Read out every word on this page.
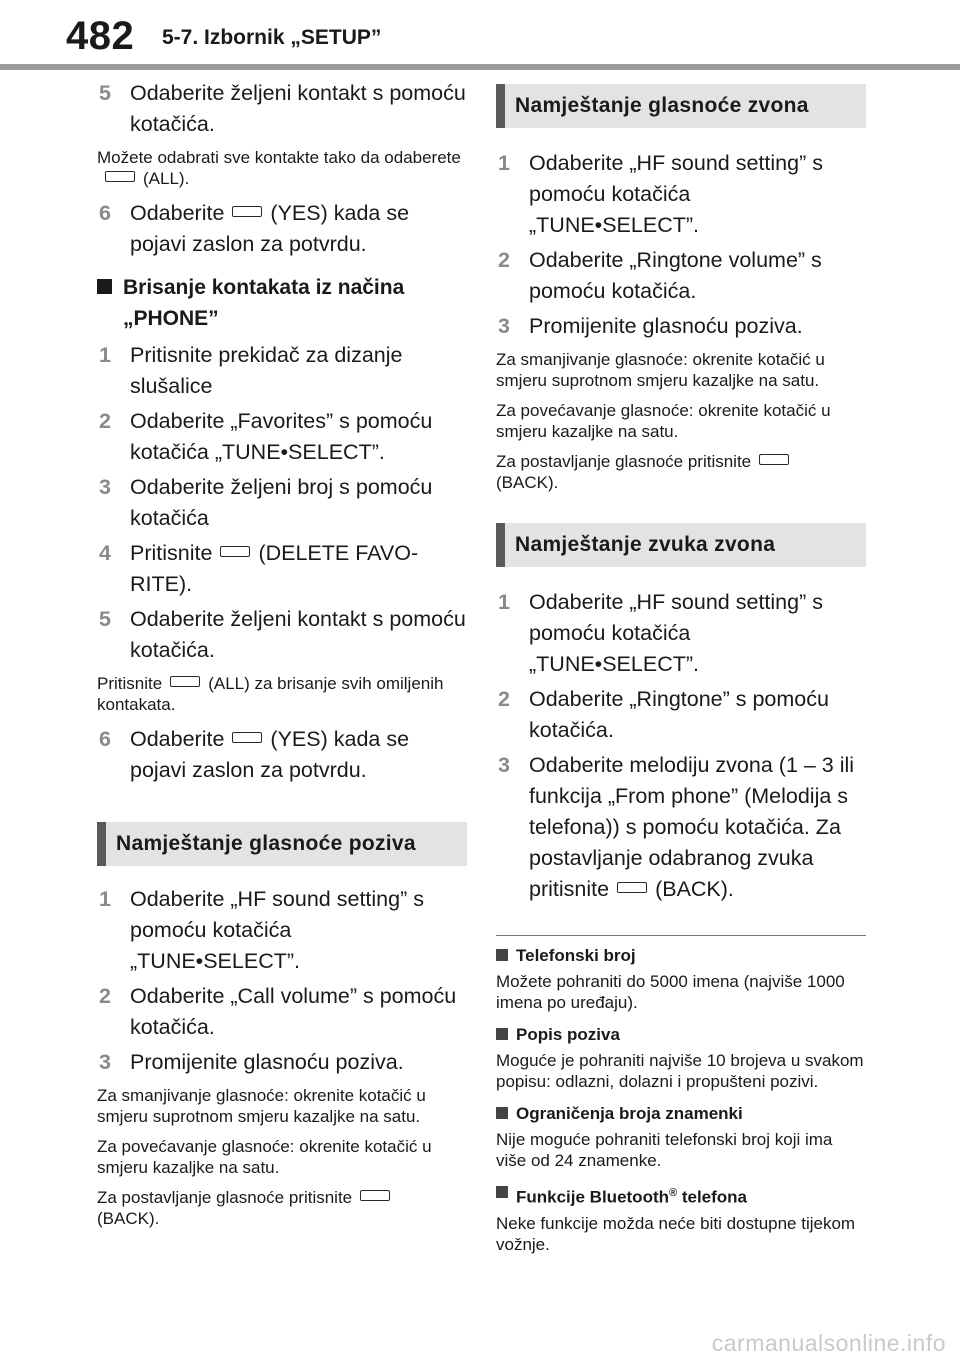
482 5-7. Izbornik „SETUP”
5 Odaberite željeni kontakt s pomoću kotačića.
Možete odabrati sve kontakte tako da odaberete(ALL).
6 Odaberite (YES) kada se pojavi zaslon za potvrdu.
Brisanje kontakata iz načina „PHONE”
1 Pritisnite prekidač za dizanje slušalice
2 Odaberite „Favorites” s pomoću kotačića „TUNE•SELECT”.
3 Odaberite željeni broj s pomoću kotačića
4 Pritisnite (DELETE FAVORITE).
5 Odaberite željeni kontakt s pomoću kotačića.
Pritisnite	(ALL) za brisanje svih omiljenih kontakata.
6 Odaberite (YES) kada se pojavi zaslon za potvrdu.
Namještanje glasnoće poziva
1 Odaberite „HF sound setting” s pomoću kotačića „TUNE•SELECT”.
2 Odaberite „Call volume” s pomoću kotačića.
3 Promijenite glasnoću poziva.
Za smanjivanje glasnoće: okrenite kotačić u smjeru suprotnom smjeru kazaljke na satu.
Za povećavanje glasnoće: okrenite kotačić u smjeru kazaljke na satu.
Za postavljanje glasnoće pritisnite
(BACK).
Namještanje glasnoće zvona
1 Odaberite „HF sound setting” s pomoću kotačića „TUNE•SELECT”.
2 Odaberite „Ringtone volume” s pomoću kotačića.
3 Promijenite glasnoću poziva.
Za smanjivanje glasnoće: okrenite kotačić u smjeru suprotnom smjeru kazaljke na satu.
Za povećavanje glasnoće: okrenite kotačić u smjeru kazaljke na satu.
Za postavljanje glasnoće pritisnite
(BACK).
Namještanje zvuka zvona
1 Odaberite „HF sound setting” s pomoću kotačića „TUNE•SELECT”.
2 Odaberite „Ringtone” s pomoću kotačića.
3 Odaberite melodiju zvona (1 – 3 ili funkcija „From phone” (Melodija s telefona)) s pomoću kotačića. Za postavljanje odabranog zvuka pritisnite (BACK).
Telefonski broj
Možete pohraniti do 5000 imena (najviše 1000 imena po uređaju).
Popis poziva
Moguće je pohraniti najviše 10 brojeva u svakom popisu: odlazni, dolazni i propušteni pozivi.
Ograničenja broja znamenki
Nije moguće pohraniti telefonski broj koji ima više od 24 znamenke.
Funkcije Bluetooth® telefona
Neke funkcije možda neće biti dostupne tijekom vožnje.
carmanualsonline.info
